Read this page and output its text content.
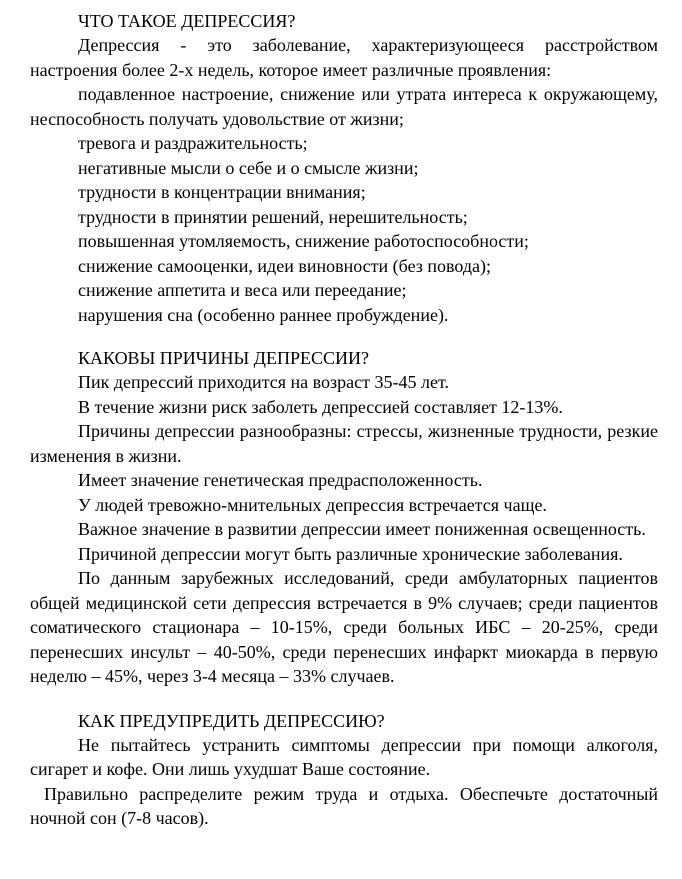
ЧТО ТАКОЕ ДЕПРЕССИЯ?

Депрессия - это заболевание, характеризующееся расстройством настроения более 2-х недель, которое имеет различные проявления:

подавленное настроение, снижение или утрата интереса к окружающему, неспособность получать удовольствие от жизни;

тревога и раздражительность;
негативные мысли о себе и о смысле жизни;
трудности в концентрации внимания;
трудности в принятии решений, нерешительность;
повышенная утомляемость, снижение работоспособности;
снижение самооценки, идеи виновности (без повода);
снижение аппетита и веса или переедание;
нарушения сна (особенно раннее пробуждение).
КАКОВЫ ПРИЧИНЫ ДЕПРЕССИИ?

Пик депрессий приходится на возраст 35-45 лет.

В течение жизни риск заболеть депрессией составляет 12-13%.

Причины депрессии разнообразны: стрессы, жизненные трудности, резкие изменения в жизни.

Имеет значение генетическая предрасположенность.

У людей тревожно-мнительных депрессия встречается чаще.

Важное значение в развитии депрессии имеет пониженная освещенность.

Причиной депрессии могут быть различные хронические заболевания.

По данным зарубежных исследований, среди амбулаторных пациентов общей медицинской сети депрессия встречается в 9% случаев; среди пациентов соматического стационара – 10-15%, среди больных ИБС – 20-25%, среди перенесших инсульт – 40-50%, среди перенесших инфаркт миокарда в первую неделю – 45%, через 3-4 месяца – 33% случаев.

КАК ПРЕДУПРЕДИТЬ ДЕПРЕССИЮ?

Не пытайтесь устранить симптомы депрессии при помощи алкоголя, сигарет и кофе. Они лишь ухудшат Ваше состояние.

Правильно распределите режим труда и отдыха. Обеспечьте достаточный ночной сон (7-8 часов).
